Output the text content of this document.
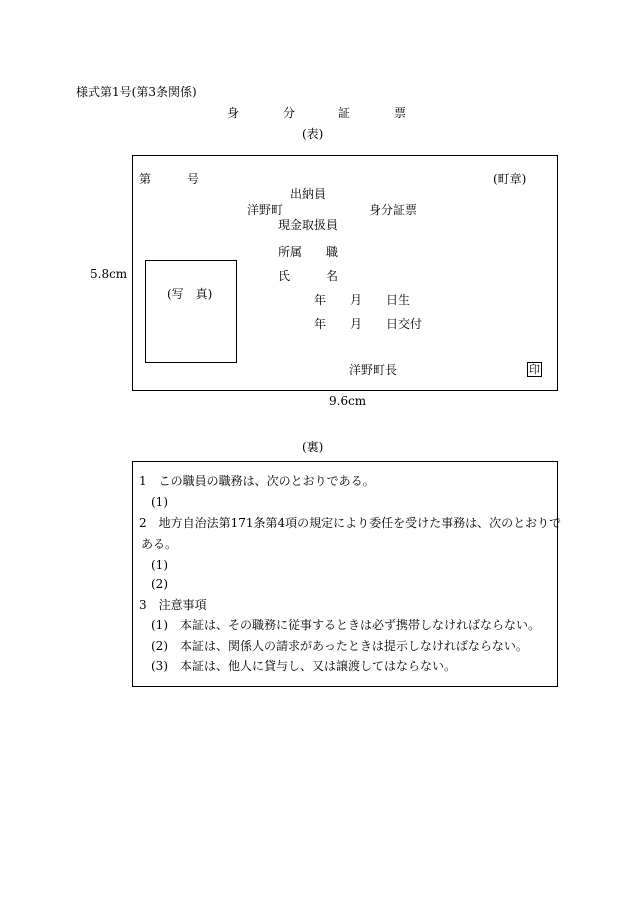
様式第1号(第3条関係)
身	分	証	票
(表)
第	号	(町章)
出納員
洋野町	身分証票
現金取扱員
所属　　職
氏　　　名
年　　月　　日生
年　　月　　日交付
(写　真)
洋野町長	印
5.8cm
9.6cm
(裏)
1　この職員の職務は、次のとおりである。
(1)
2　地方自治法第171条第4項の規定により委任を受けた事務は、次のとおりで
ある。
(1)
(2)
3　注意事項
(1)　本証は、その職務に従事するときは必ず携帯しなければならない。
(2)　本証は、関係人の請求があったときは提示しなければならない。
(3)　本証は、他人に貸与し、又は譲渡してはならない。
